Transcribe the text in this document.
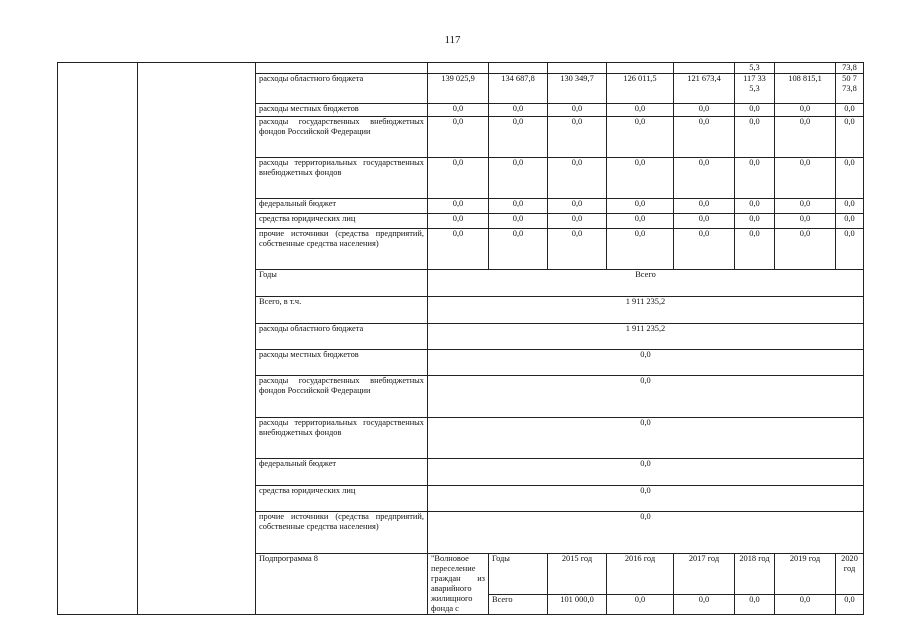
117
								5,3		73,8	
		расходы областного бюджета	139 025,9	134 687,8	130 349,7	126 011,5	121 673,4	117 33 5,3	108 815,1	50 7 73,8	
		расходы местных бюджетов	0,0	0,0	0,0	0,0	0,0	0,0	0,0	0,0	
		расходы государственных внебюджетных фондов Российской Федерации	0,0	0,0	0,0	0,0	0,0	0,0	0,0	0,0	
		расходы территориальных государственных внебюджетных фондов	0,0	0,0	0,0	0,0	0,0	0,0	0,0	0,0	
		федеральный бюджет	0,0	0,0	0,0	0,0	0,0	0,0	0,0	0,0	
		средства юридических лиц	0,0	0,0	0,0	0,0	0,0	0,0	0,0	0,0	
		прочие источники (средства предприятий, собственные средства населения)	0,0	0,0	0,0	0,0	0,0	0,0	0,0	0,0	
		Годы	Всего								
		Всего, в т.ч.	1 911 235,2								
		расходы областного бюджета	1 911 235,2								
		расходы местных бюджетов	0,0								
		расходы государственных внебюджетных фондов Российской Федерации	0,0								
		расходы территориальных государственных внебюджетных фондов	0,0								
		федеральный бюджет	0,0								
		средства юридических лиц	0,0								
		прочие источники (средства предприятий, собственные средства населения)	0,0								
		Подпрограмма 8	"Волновое переселение граждан из аварийного жилищного фонда с	Годы	2015 год	2016 год	2017 год	2018 год	2019 год	2020 год		
				Всего	101 000,0	0,0	0,0	0,0	0,0	0,0		
